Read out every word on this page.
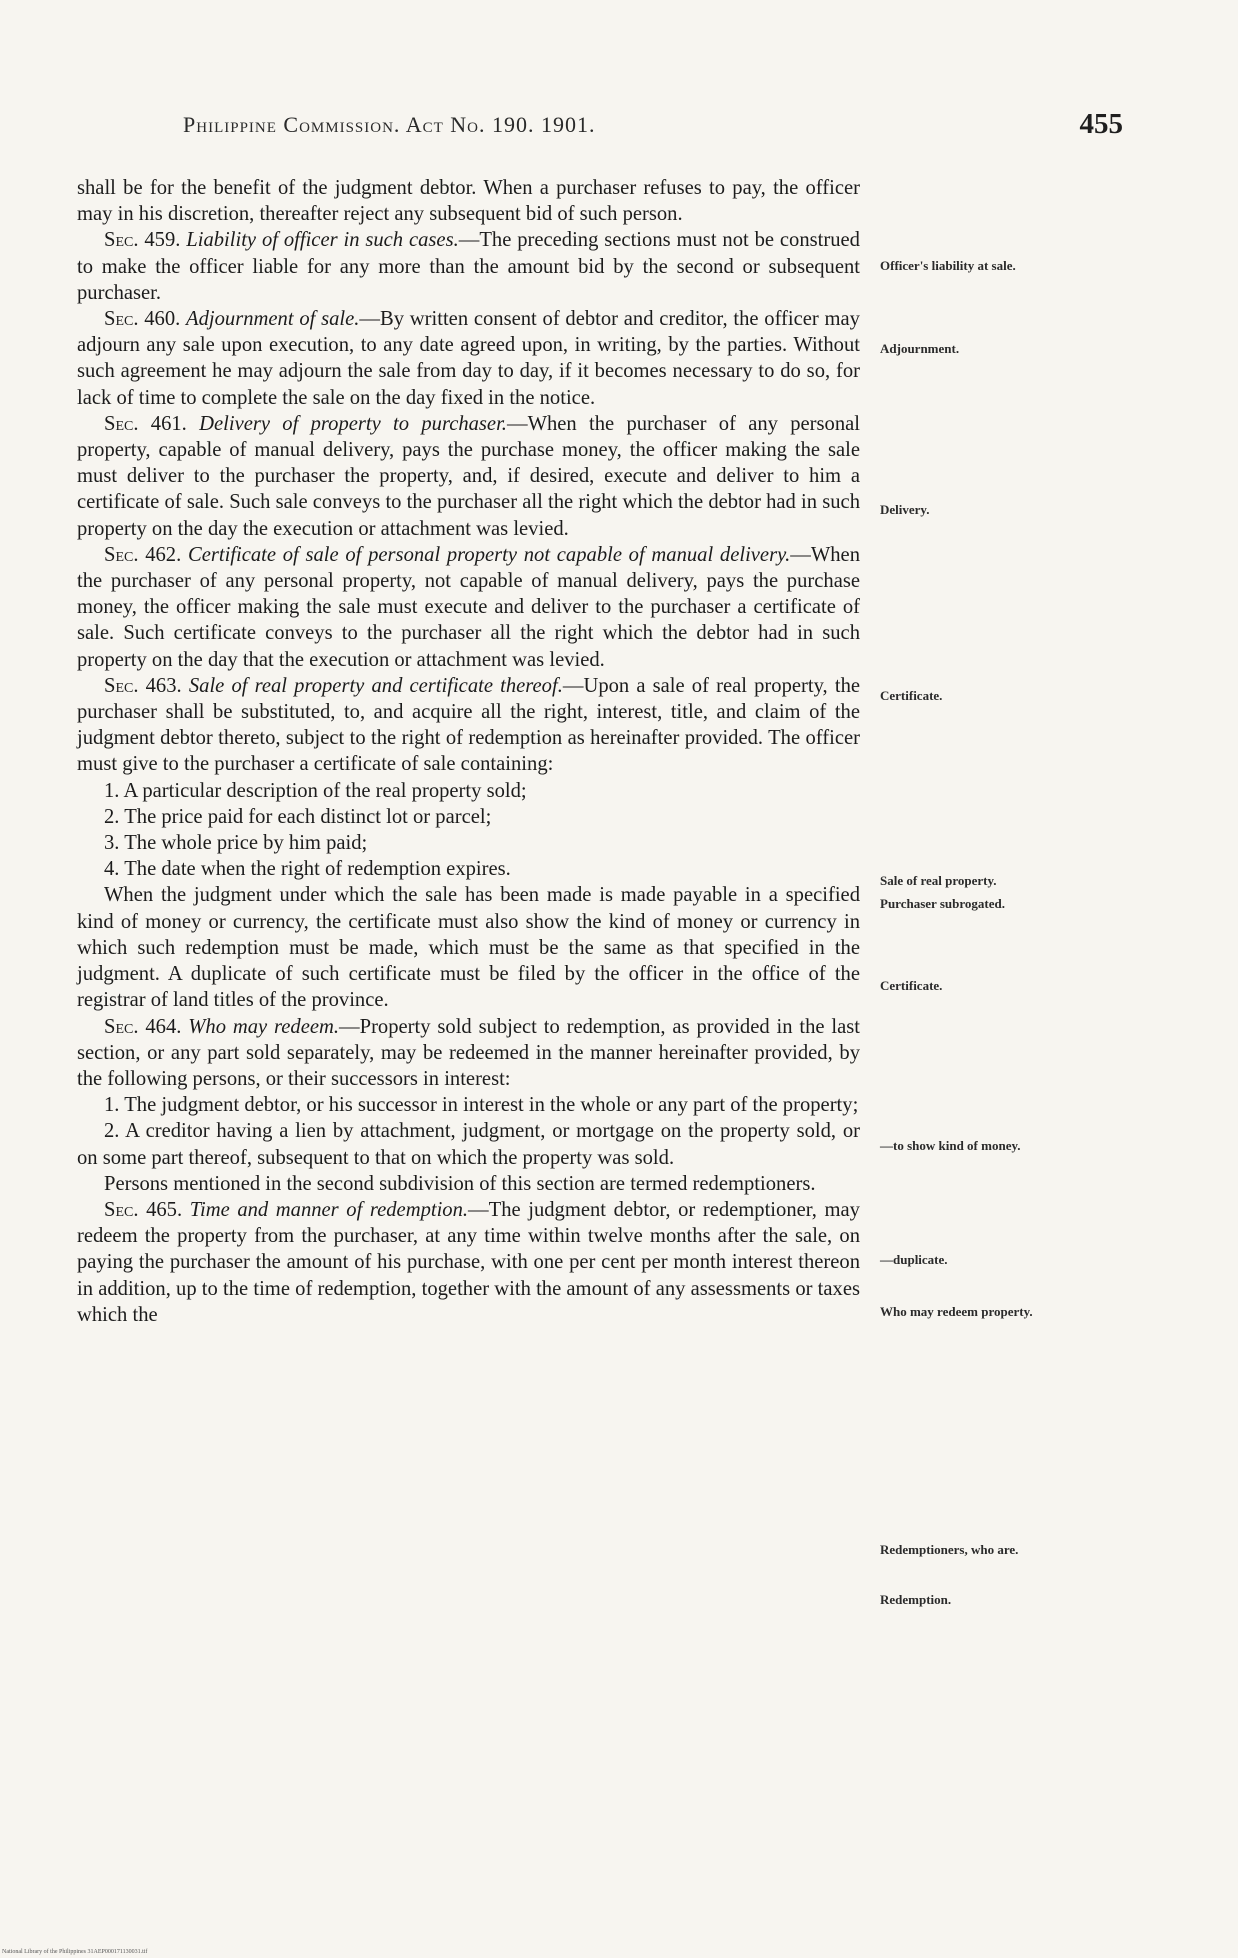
Philippine Commission. Act No. 190. 1901.	455

shall be for the benefit of the judgment debtor. When a purchaser refuses to pay, the officer may in his discretion, thereafter reject any subsequent bid of such person.

Sec. 459. Liability of officer in such cases.—The preceding sections must not be construed to make the officer liable for any more than the amount bid by the second or subsequent purchaser.

Sec. 460. Adjournment of sale.—By written consent of debtor and creditor, the officer may adjourn any sale upon execution, to any date agreed upon, in writing, by the parties. Without such agreement he may adjourn the sale from day to day, if it becomes necessary to do so, for lack of time to complete the sale on the day fixed in the notice.

Sec. 461. Delivery of property to purchaser.—When the purchaser of any personal property, capable of manual delivery, pays the purchase money, the officer making the sale must deliver to the purchaser the property, and, if desired, execute and deliver to him a certificate of sale. Such sale conveys to the purchaser all the right which the debtor had in such property on the day the execution or attachment was levied.

Sec. 462. Certificate of sale of personal property not capable of manual delivery.—When the purchaser of any personal property, not capable of manual delivery, pays the purchase money, the officer making the sale must execute and deliver to the purchaser a certificate of sale. Such certificate conveys to the purchaser all the right which the debtor had in such property on the day that the execution or attachment was levied.

Sec. 463. Sale of real property and certificate thereof.—Upon a sale of real property, the purchaser shall be substituted, to, and acquire all the right, interest, title, and claim of the judgment debtor thereto, subject to the right of redemption as hereinafter provided. The officer must give to the purchaser a certificate of sale containing:

1. A particular description of the real property sold;

2. The price paid for each distinct lot or parcel;

3. The whole price by him paid;

4. The date when the right of redemption expires.

When the judgment under which the sale has been made is made payable in a specified kind of money or currency, the certificate must also show the kind of money or currency in which such redemption must be made, which must be the same as that specified in the judgment. A duplicate of such certificate must be filed by the officer in the office of the registrar of land titles of the province.

Sec. 464. Who may redeem.—Property sold subject to redemption, as provided in the last section, or any part sold separately, may be redeemed in the manner hereinafter provided, by the following persons, or their successors in interest:

1. The judgment debtor, or his successor in interest in the whole or any part of the property;

2. A creditor having a lien by attachment, judgment, or mortgage on the property sold, or on some part thereof, subsequent to that on which the property was sold.

Persons mentioned in the second subdivision of this section are termed redemptioners.

Sec. 465. Time and manner of redemption.—The judgment debtor, or redemptioner, may redeem the property from the purchaser, at any time within twelve months after the sale, on paying the purchaser the amount of his purchase, with one per cent per month interest thereon in addition, up to the time of redemption, together with the amount of any assessments or taxes which the

Officer's liability at sale.
Adjournment.
Delivery.
Certificate.
Sale of real property.
Purchaser subrogated.
Certificate.
—to show kind of money.
—duplicate.
Who may redeem property.
Redemptioners, who are.
Redemption.
National Library of the Philippines 31AEP000171130031.tif
